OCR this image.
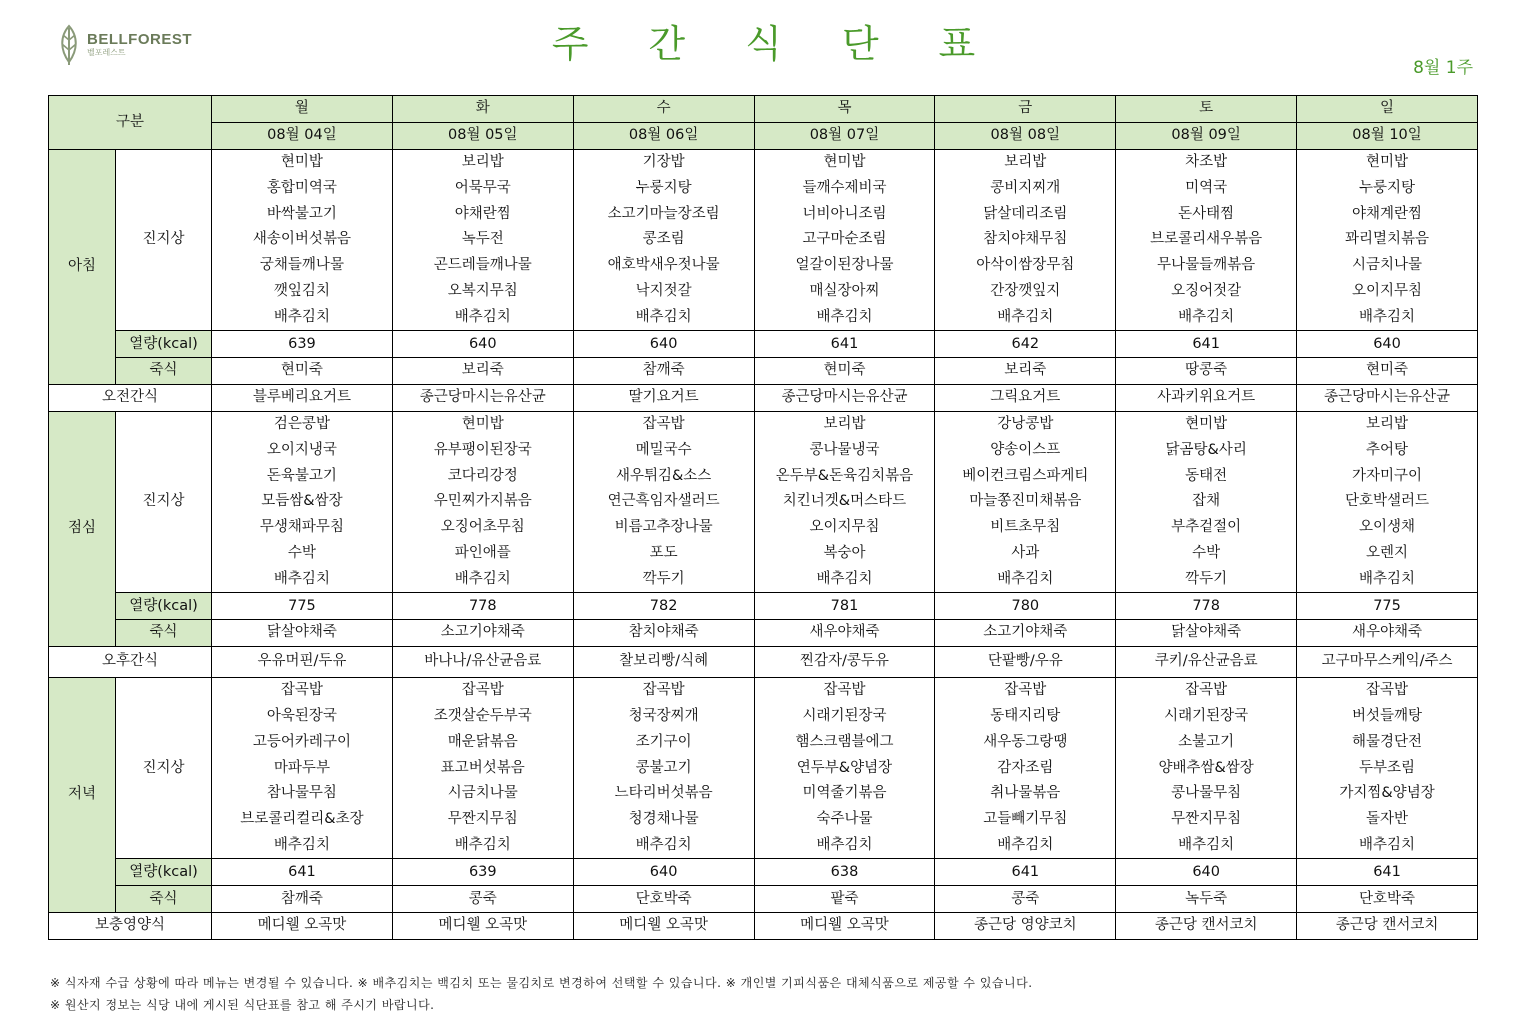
BELLFOREST
벨포레스트	주간식단표
8월 1주
구분		월	화	수	목	금	토	일
		08월 04일	08월 05일	08월 06일	08월 07일	08월 08일	08월 09일	08월 10일
아침	진지상	현미밥	보리밥	기장밥	현미밥	보리밥	차조밥	현미밥
		홍합미역국	어묵무국	누룽지탕	들깨수제비국	콩비지찌개	미역국	누룽지탕
		바싹불고기	야채란찜	소고기마늘장조림	너비아니조림	닭살데리조림	돈사태찜	야채계란찜
		새송이버섯볶음	녹두전	콩조림	고구마순조림	참치야채무침	브로콜리새우볶음	꽈리멸치볶음
		궁채들깨나물	곤드레들깨나물	애호박새우젓나물	얼갈이된장나물	아삭이쌈장무침	무나물들깨볶음	시금치나물
		깻잎김치	오복지무침	낙지젓갈	매실장아찌	간장깻잎지	오징어젓갈	오이지무침
		배추김치	배추김치	배추김치	배추김치	배추김치	배추김치	배추김치
	열량(kcal)	639	640	640	641	642	641	640
	죽식	현미죽	보리죽	참깨죽	현미죽	보리죽	땅콩죽	현미죽
오전간식		블루베리요거트	종근당마시는유산균	딸기요거트	종근당마시는유산균	그릭요거트	사과키위요거트	종근당마시는유산균
점심	진지상	검은콩밥	현미밥	잡곡밥	보리밥	강낭콩밥	현미밥	보리밥
		오이지냉국	유부팽이된장국	메밀국수	콩나물냉국	양송이스프	닭곰탕&사리	추어탕
		돈육불고기	코다리강정	새우튀김&소스	온두부&돈육김치볶음	베이컨크림스파게티	동태전	가자미구이
		모듬쌈&쌈장	우민찌가지볶음	연근흑임자샐러드	치킨너겟&머스타드	마늘쫑진미채볶음	잡채	단호박샐러드
		무생채파무침	오징어초무침	비름고추장나물	오이지무침	비트초무침	부추겉절이	오이생채
		수박	파인애플	포도	복숭아	사과	수박	오렌지
		배추김치	배추김치	깍두기	배추김치	배추김치	깍두기	배추김치
	열량(kcal)	775	778	782	781	780	778	775
	죽식	닭살야채죽	소고기야채죽	참치야채죽	새우야채죽	소고기야채죽	닭살야채죽	새우야채죽
오후간식		우유머핀/두유	바나나/유산균음료	찰보리빵/식혜	찐감자/콩두유	단팥빵/우유	쿠키/유산균음료	고구마무스케익/주스
저녁	진지상	잡곡밥	잡곡밥	잡곡밥	잡곡밥	잡곡밥	잡곡밥	잡곡밥
		아욱된장국	조갯살순두부국	청국장찌개	시래기된장국	동태지리탕	시래기된장국	버섯들깨탕
		고등어카레구이	매운닭볶음	조기구이	햄스크램블에그	새우동그랑땡	소불고기	해물경단전
		마파두부	표고버섯볶음	콩불고기	연두부&양념장	감자조림	양배추쌈&쌈장	두부조림
		참나물무침	시금치나물	느타리버섯볶음	미역줄기볶음	취나물볶음	콩나물무침	가지찜&양념장
		브로콜리컬리&초장	무짠지무침	청경채나물	숙주나물	고들빼기무침	무짠지무침	돌자반
		배추김치	배추김치	배추김치	배추김치	배추김치	배추김치	배추김치
	열량(kcal)	641	639	640	638	641	640	641
	죽식	참깨죽	콩죽	단호박죽	팥죽	콩죽	녹두죽	단호박죽
보충영양식		메디웰 오곡맛	메디웰 오곡맛	메디웰 오곡맛	메디웰 오곡맛	종근당 영양코치	종근당 캔서코치	종근당 캔서코치
※ 식자재 수급 상황에 따라 메뉴는 변경될 수 있습니다. ※ 배추김치는 백김치 또는 물김치로 변경하여 선택할 수 있습니다. ※ 개인별 기피식품은 대체식품으로 제공할 수 있습니다.
※ 원산지 정보는 식당 내에 게시된 식단표를 참고 해 주시기 바랍니다.
